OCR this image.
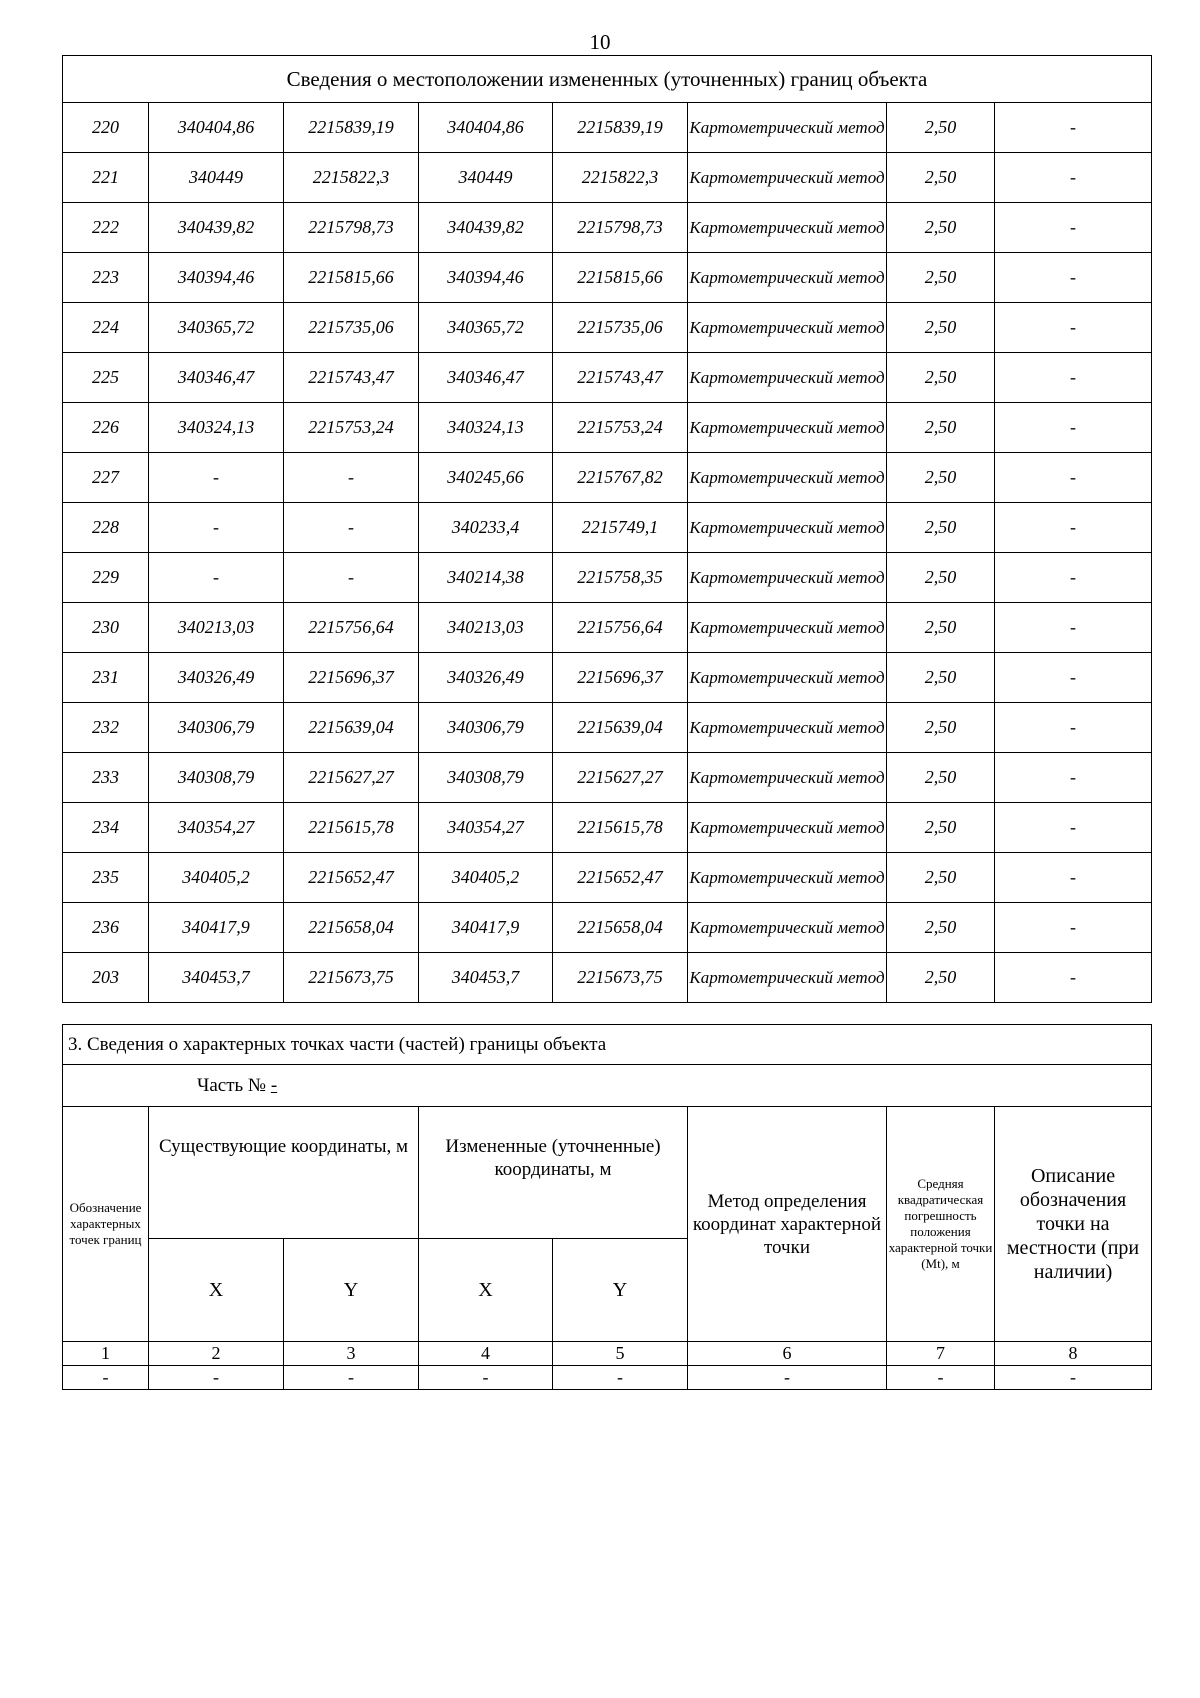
10
Сведения о местоположении измененных (уточненных) границ объекта							
220	340404,86	2215839,19	340404,86	2215839,19	Картометрический метод	2,50	-
221	340449	2215822,3	340449	2215822,3	Картометрический метод	2,50	-
222	340439,82	2215798,73	340439,82	2215798,73	Картометрический метод	2,50	-
223	340394,46	2215815,66	340394,46	2215815,66	Картометрический метод	2,50	-
224	340365,72	2215735,06	340365,72	2215735,06	Картометрический метод	2,50	-
225	340346,47	2215743,47	340346,47	2215743,47	Картометрический метод	2,50	-
226	340324,13	2215753,24	340324,13	2215753,24	Картометрический метод	2,50	-
227	-	-	340245,66	2215767,82	Картометрический метод	2,50	-
228	-	-	340233,4	2215749,1	Картометрический метод	2,50	-
229	-	-	340214,38	2215758,35	Картометрический метод	2,50	-
230	340213,03	2215756,64	340213,03	2215756,64	Картометрический метод	2,50	-
231	340326,49	2215696,37	340326,49	2215696,37	Картометрический метод	2,50	-
232	340306,79	2215639,04	340306,79	2215639,04	Картометрический метод	2,50	-
233	340308,79	2215627,27	340308,79	2215627,27	Картометрический метод	2,50	-
234	340354,27	2215615,78	340354,27	2215615,78	Картометрический метод	2,50	-
235	340405,2	2215652,47	340405,2	2215652,47	Картометрический метод	2,50	-
236	340417,9	2215658,04	340417,9	2215658,04	Картометрический метод	2,50	-
203	340453,7	2215673,75	340453,7	2215673,75	Картометрический метод	2,50	-
3. Сведения о характерных точках части (частей) границы объекта							
Часть № -							
Обозначение характерных точек границ	Существующие координаты, м		Измененные (уточненные) координаты, м		Метод определения координат характерной точки	Средняя квадратическая погрешность положения характерной точки (Mt), м	Описание обозначения точки на местности (при наличии)
	X	Y	X	Y			
1	2	3	4	5	6	7	8
-	-	-	-	-	-	-	-
